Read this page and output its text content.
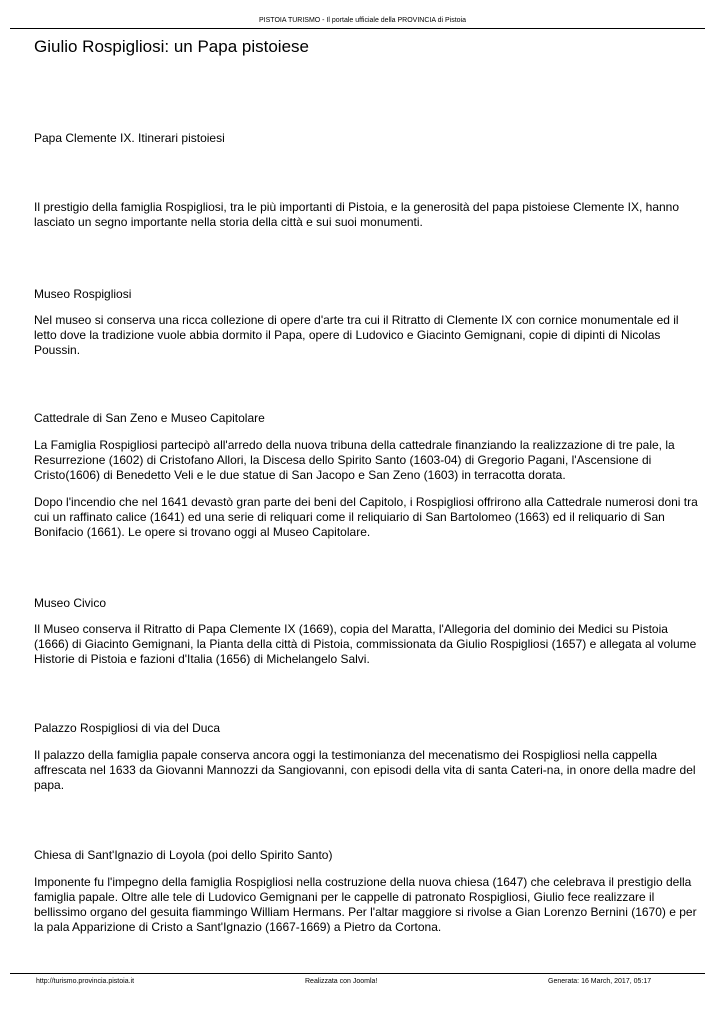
PISTOIA TURISMO - Il portale ufficiale della PROVINCIA di Pistoia
Giulio Rospigliosi: un Papa pistoiese

Papa Clemente IX. Itinerari pistoiesi

Il prestigio della famiglia Rospigliosi, tra le più importanti di Pistoia, e la generosità del papa pistoiese Clemente IX, hanno lasciato un segno importante nella storia della città e sui suoi monumenti.

Museo Rospigliosi

Nel museo si conserva una ricca collezione di opere d'arte tra cui il Ritratto di Clemente IX con cornice monumentale ed il letto dove la tradizione vuole abbia dormito il Papa, opere di Ludovico e Giacinto Gemignani, copie di dipinti di Nicolas Poussin.

Cattedrale di San Zeno e Museo Capitolare

La Famiglia Rospigliosi partecipò all'arredo della nuova tribuna della cattedrale finanziando la realizzazione di tre pale, la Resurrezione (1602) di Cristofano Allori, la Discesa dello Spirito Santo (1603-04) di Gregorio Pagani, l'Ascensione di Cristo(1606) di Benedetto Veli e le due statue di San Jacopo e San Zeno (1603) in terracotta dorata.

Dopo l'incendio che nel 1641 devastò gran parte dei beni del Capitolo, i Rospigliosi offrirono alla Cattedrale numerosi doni tra cui un raffinato calice (1641) ed una serie di reliquari come il reliquiario di San Bartolomeo (1663) ed il reliquario di San Bonifacio (1661). Le opere si trovano oggi al Museo Capitolare.

Museo Civico

Il Museo conserva il Ritratto di Papa Clemente IX (1669), copia del Maratta, l'Allegoria del dominio dei Medici su Pistoia (1666) di Giacinto Gemignani, la Pianta della città di Pistoia, commissionata da Giulio Rospigliosi (1657) e allegata al volume Historie di Pistoia e fazioni d'Italia (1656) di Michelangelo Salvi.

Palazzo Rospigliosi di via del Duca

Il palazzo della famiglia papale conserva ancora oggi la testimonianza del mecenatismo dei Rospigliosi nella cappella affrescata nel 1633 da Giovanni Mannozzi da Sangiovanni, con episodi della vita di santa Cateri-na, in onore della madre del papa.

Chiesa di Sant'Ignazio di Loyola (poi dello Spirito Santo)

Imponente fu l'impegno della famiglia Rospigliosi nella costruzione della nuova chiesa (1647) che celebrava il prestigio della famiglia papale. Oltre alle tele di Ludovico Gemignani per le cappelle di patronato Rospigliosi, Giulio fece realizzare il bellissimo organo del gesuita fiammingo William Hermans. Per l'altar maggiore si rivolse a Gian Lorenzo Bernini (1670) e per la pala Apparizione di Cristo a Sant'Ignazio (1667-1669) a Pietro da Cortona.

http://turismo.provincia.pistoia.it	Realizzata con Joomla!	Generata: 16 March, 2017, 05:17
